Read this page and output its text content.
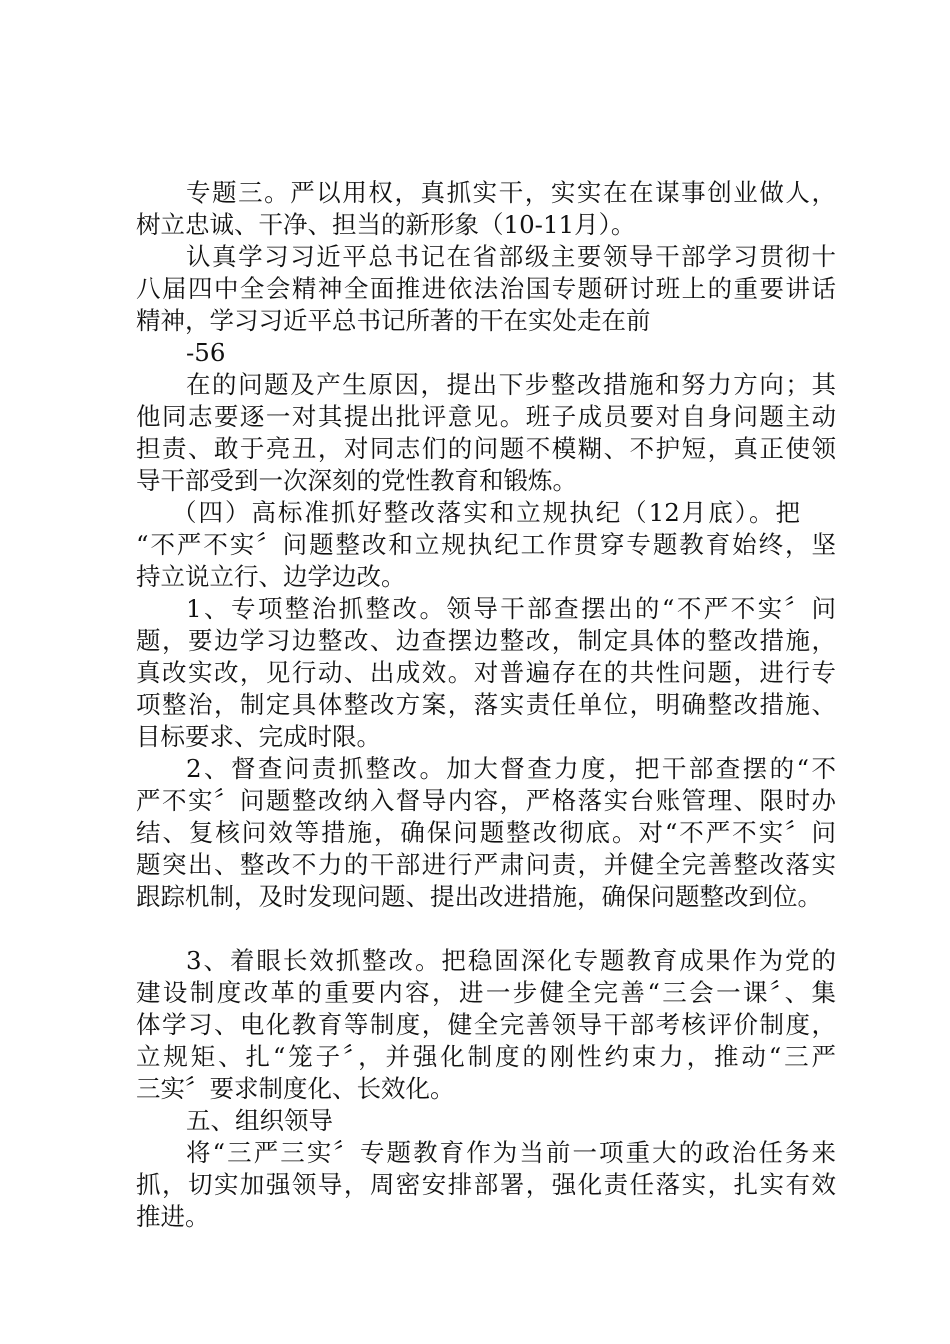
专题三。严以用权，真抓实干，实实在在谋事创业做人，
树立忠诚、干净、担当的新形象（10-11月）。
认真学习习近平总书记在省部级主要领导干部学习贯彻十
八届四中全会精神全面推进依法治国专题研讨班上的重要讲话
精神，学习习近平总书记所著的干在实处走在前
-56
在的问题及产生原因，提出下步整改措施和努力方向；其
他同志要逐一对其提出批评意见。班子成员要对自身问题主动
担责、敢于亮丑，对同志们的问题不模糊、不护短，真正使领
导干部受到一次深刻的党性教育和锻炼。
（四）高标准抓好整改落实和立规执纪（12月底）。把
“不严不实〞问题整改和立规执纪工作贯穿专题教育始终，坚
持立说立行、边学边改。
1、专项整治抓整改。领导干部查摆出的“不严不实〞问
题，要边学习边整改、边查摆边整改，制定具体的整改措施，
真改实改，见行动、出成效。对普遍存在的共性问题，进行专
项整治，制定具体整改方案，落实责任单位，明确整改措施、
目标要求、完成时限。
2、督查问责抓整改。加大督查力度，把干部查摆的“不
严不实〞问题整改纳入督导内容，严格落实台账管理、限时办
结、复核问效等措施，确保问题整改彻底。对“不严不实〞问
题突出、整改不力的干部进行严肃问责，并健全完善整改落实
跟踪机制，及时发现问题、提出改进措施，确保问题整改到位。
3、着眼长效抓整改。把稳固深化专题教育成果作为党的
建设制度改革的重要内容，进一步健全完善“三会一课〞、集
体学习、电化教育等制度，健全完善领导干部考核评价制度，
立规矩、扎“笼子〞，并强化制度的刚性约束力，推动“三严
三实〞要求制度化、长效化。
五、组织领导
将“三严三实〞专题教育作为当前一项重大的政治任务来
抓，切实加强领导，周密安排部署，强化责任落实，扎实有效
推进。
